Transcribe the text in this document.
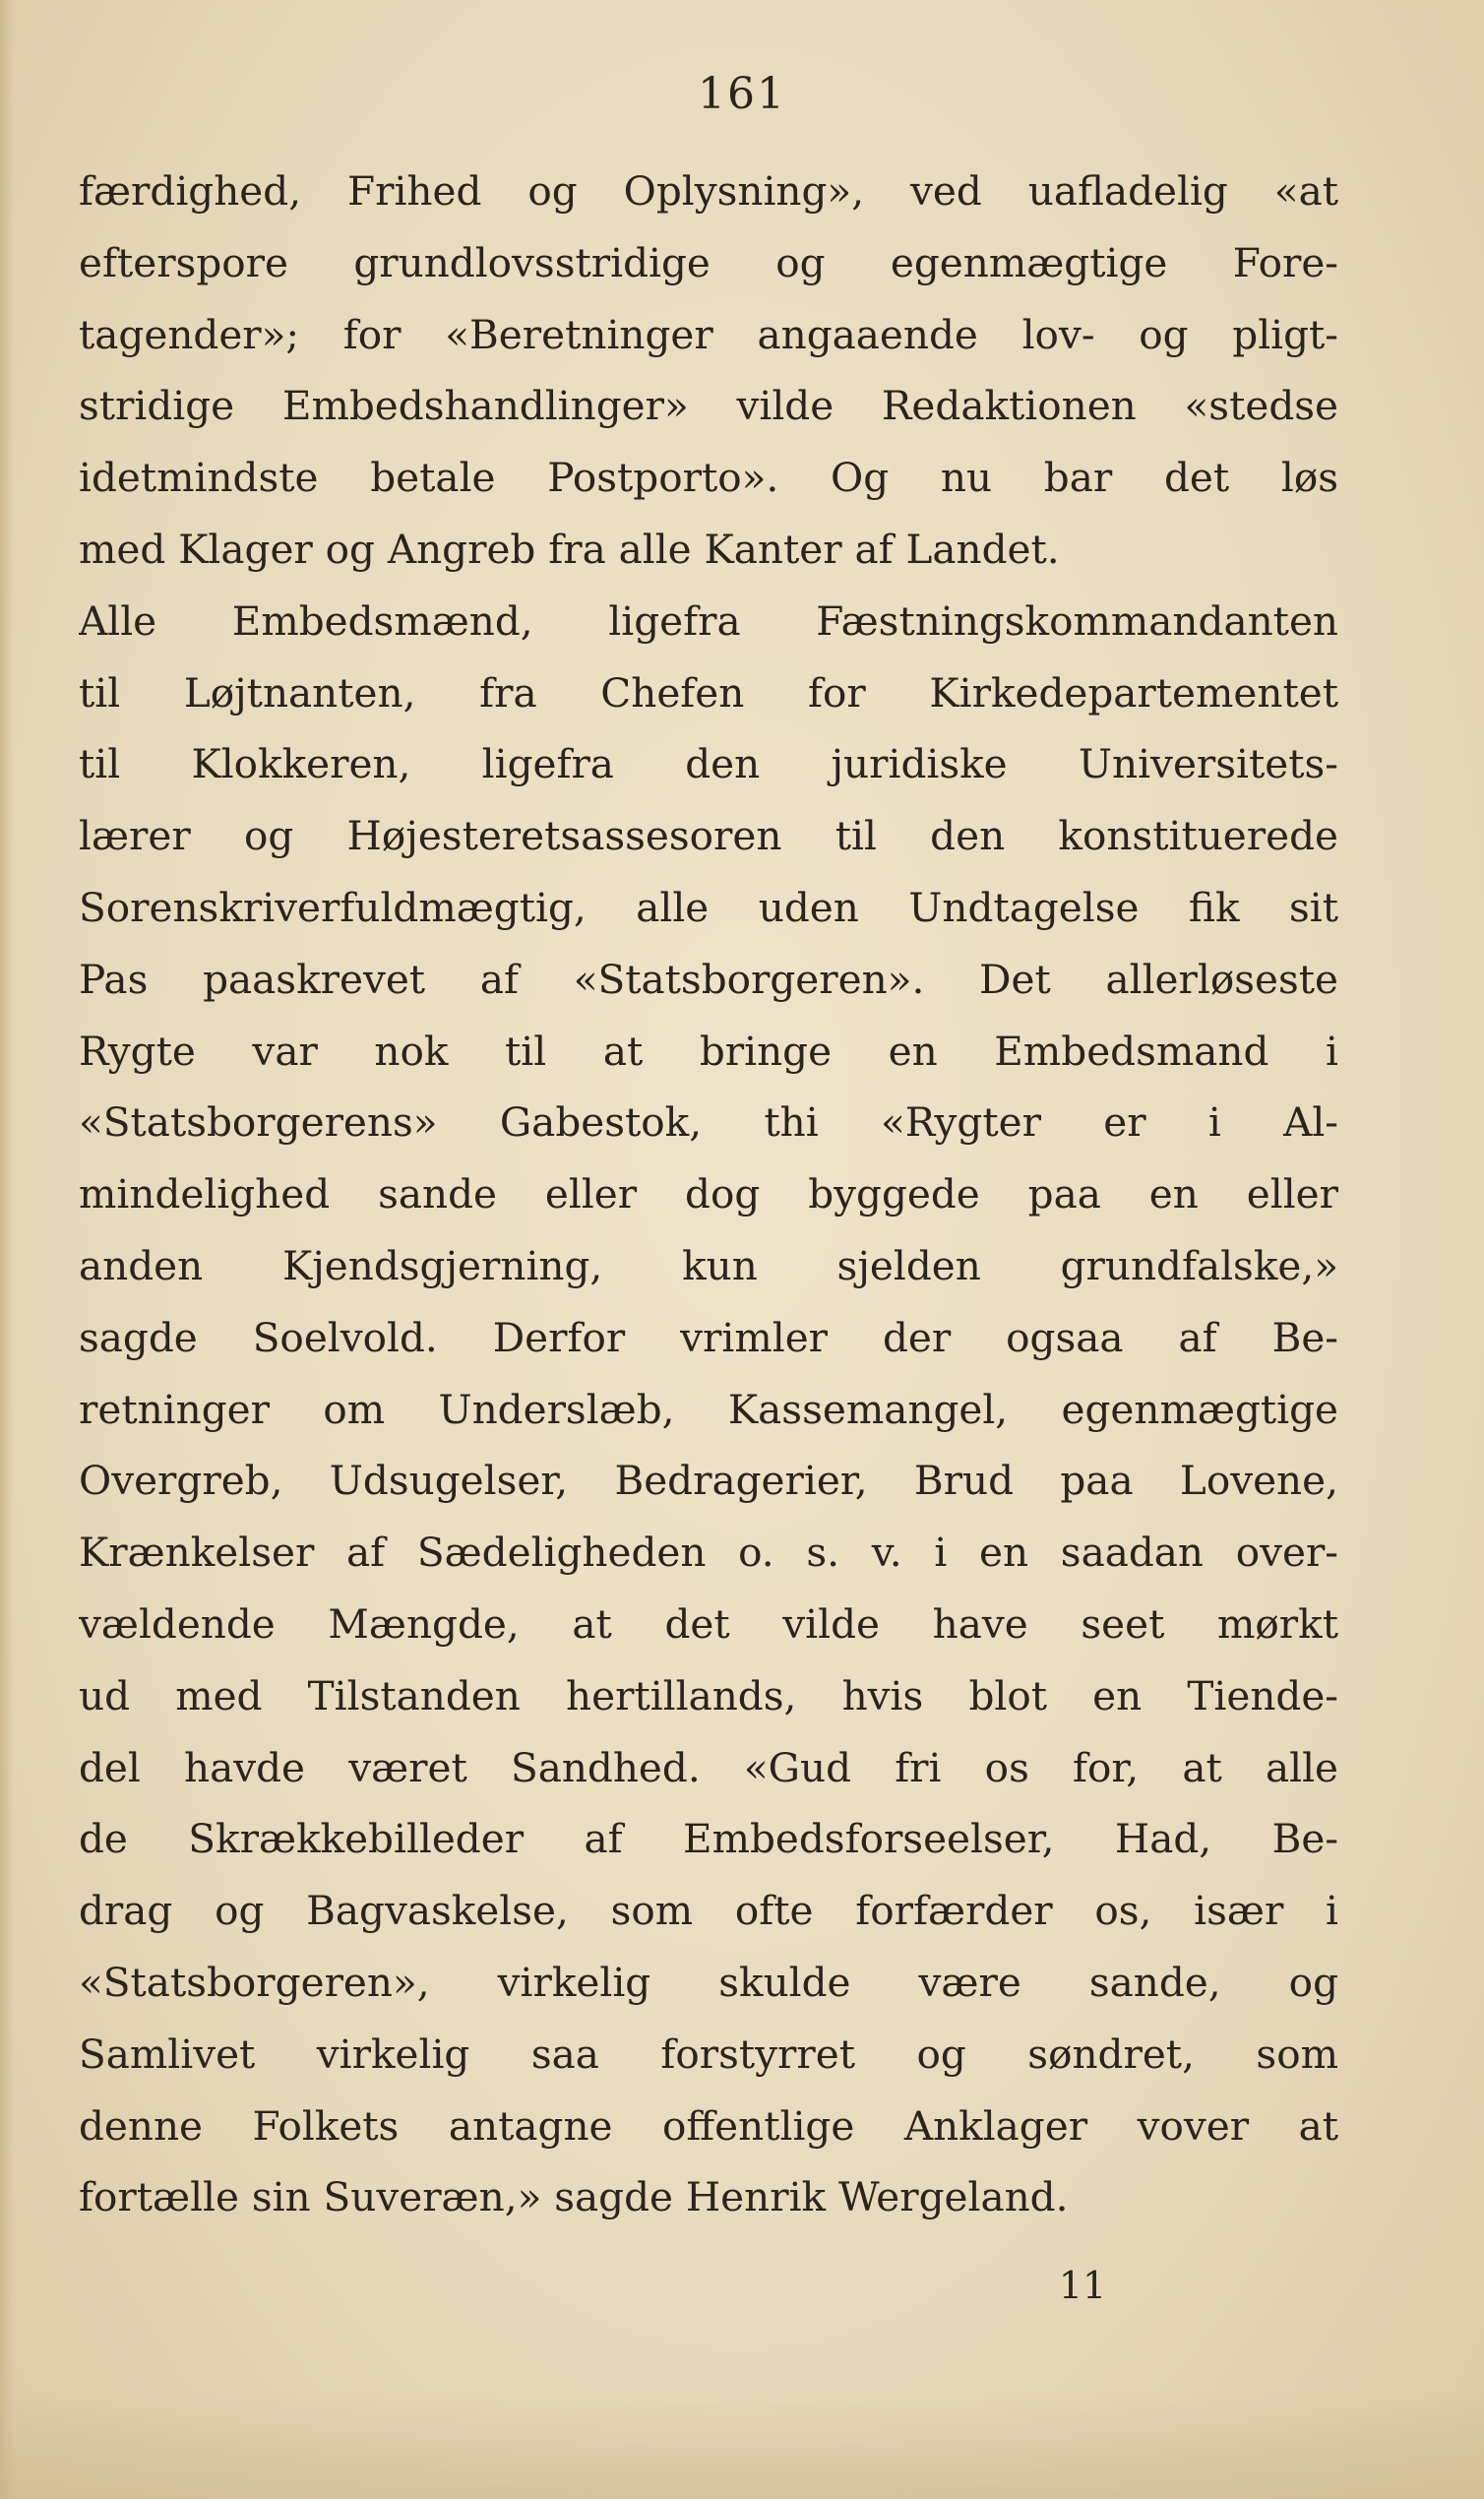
161
færdighed, Frihed og Oplysning», ved uafladelig «at
efterspore grundlovsstridige og egenmægtige Fore-
tagender»; for «Beretninger angaaende lov- og pligt-
stridige Embedshandlinger» vilde Redaktionen «stedse
idetmindste betale Postporto». Og nu bar det løs
med Klager og Angreb fra alle Kanter af Landet.
Alle Embedsmænd, ligefra Fæstningskommandanten
til Løjtnanten, fra Chefen for Kirkedepartementet
til Klokkeren, ligefra den juridiske Universitets-
lærer og Højesteretsassesoren til den konstituerede
Sorenskriverfuldmægtig, alle uden Undtagelse fik sit
Pas paaskrevet af «Statsborgeren». Det allerløseste
Rygte var nok til at bringe en Embedsmand i
«Statsborgerens» Gabestok, thi «Rygter er i Al-
mindelighed sande eller dog byggede paa en eller
anden Kjendsgjerning, kun sjelden grundfalske,»
sagde Soelvold. Derfor vrimler der ogsaa af Be-
retninger om Underslæb, Kassemangel, egenmægtige
Overgreb, Udsugelser, Bedragerier, Brud paa Lovene,
Krænkelser af Sædeligheden o. s. v. i en saadan over-
vældende Mængde, at det vilde have seet mørkt
ud med Tilstanden hertillands, hvis blot en Tiende-
del havde været Sandhed. «Gud fri os for, at alle
de Skrækkebilleder af Embedsforseelser, Had, Be-
drag og Bagvaskelse, som ofte forfærder os, især i
«Statsborgeren», virkelig skulde være sande, og
Samlivet virkelig saa forstyrret og søndret, som
denne Folkets antagne offentlige Anklager vover at
fortælle sin Suveræn,» sagde Henrik Wergeland.
11
